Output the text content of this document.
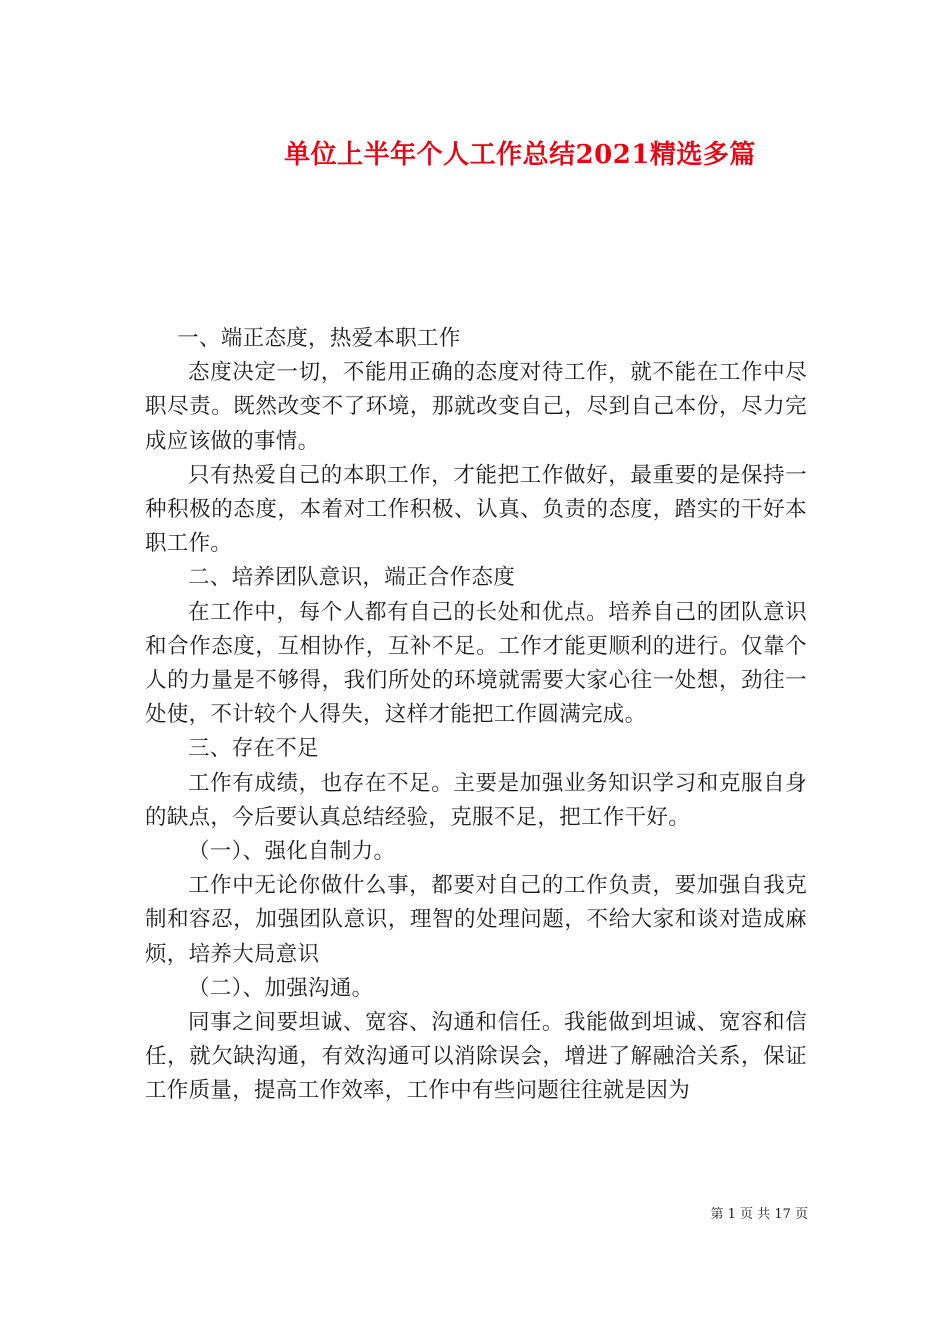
单位上半年个人工作总结2021精选多篇

一、端正态度，热爱本职工作

态度决定一切，不能用正确的态度对待工作，就不能在工作中尽职尽责。既然改变不了环境，那就改变自己，尽到自己本份，尽力完成应该做的事情。

只有热爱自己的本职工作，才能把工作做好，最重要的是保持一种积极的态度，本着对工作积极、认真、负责的态度，踏实的干好本职工作。

二、培养团队意识，端正合作态度

在工作中，每个人都有自己的长处和优点。培养自己的团队意识和合作态度，互相协作，互补不足。工作才能更顺利的进行。仅靠个人的力量是不够得，我们所处的环境就需要大家心往一处想，劲往一处使，不计较个人得失，这样才能把工作圆满完成。

三、存在不足

工作有成绩，也存在不足。主要是加强业务知识学习和克服自身的缺点，今后要认真总结经验，克服不足，把工作干好。

（一）、强化自制力。

工作中无论你做什么事，都要对自己的工作负责，要加强自我克制和容忍，加强团队意识，理智的处理问题，不给大家和谈对造成麻烦，培养大局意识

（二）、加强沟通。

同事之间要坦诚、宽容、沟通和信任。我能做到坦诚、宽容和信任，就欠缺沟通，有效沟通可以消除误会，增进了解融洽关系，保证工作质量，提高工作效率，工作中有些问题往往就是因为

第 1 页 共 17 页
